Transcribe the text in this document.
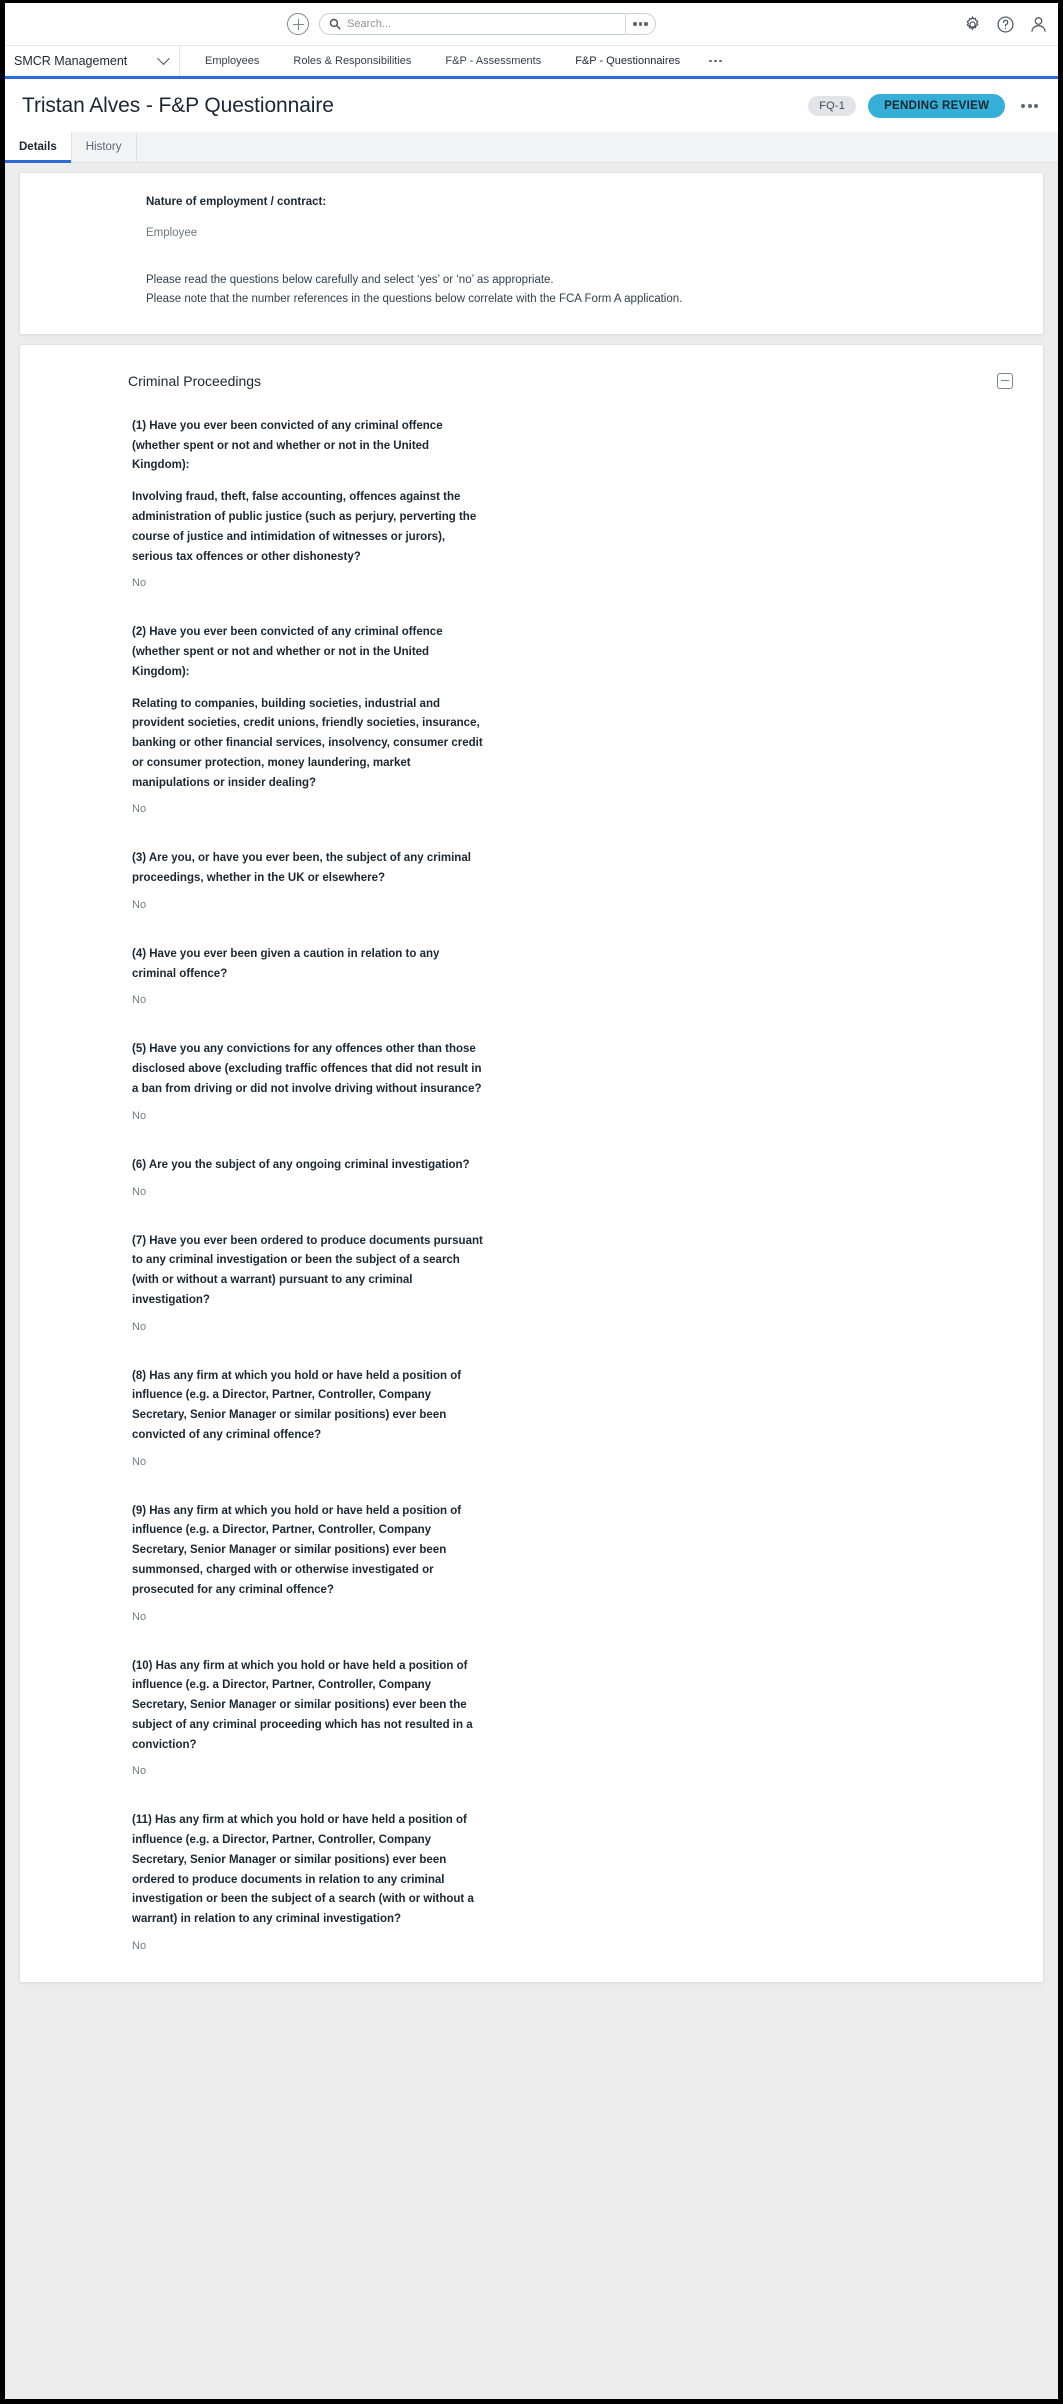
Search...
SMCR Management	Employees	Roles & Responsibilities	F&P - Assessments	F&P - Questionnaires
Tristan Alves - F&P Questionnaire	FQ-1	PENDING REVIEW
Details	History
Nature of employment / contract:
Employee
Please read the questions below carefully and select ‘yes’ or ‘no’ as appropriate.
Please note that the number references in the questions below correlate with the FCA Form A application.
Criminal Proceedings
(1) Have you ever been convicted of any criminal offence (whether spent or not and whether or not in the United Kingdom):
Involving fraud, theft, false accounting, offences against the administration of public justice (such as perjury, perverting the course of justice and intimidation of witnesses or jurors), serious tax offences or other dishonesty?
No
(2) Have you ever been convicted of any criminal offence (whether spent or not and whether or not in the United Kingdom):
Relating to companies, building societies, industrial and provident societies, credit unions, friendly societies, insurance, banking or other financial services, insolvency, consumer credit or consumer protection, money laundering, market manipulations or insider dealing?
No
(3) Are you, or have you ever been, the subject of any criminal proceedings, whether in the UK or elsewhere?
No
(4) Have you ever been given a caution in relation to any criminal offence?
No
(5) Have you any convictions for any offences other than those disclosed above (excluding traffic offences that did not result in a ban from driving or did not involve driving without insurance?
No
(6) Are you the subject of any ongoing criminal investigation?
No
(7) Have you ever been ordered to produce documents pursuant to any criminal investigation or been the subject of a search (with or without a warrant) pursuant to any criminal investigation?
No
(8) Has any firm at which you hold or have held a position of influence (e.g. a Director, Partner, Controller, Company Secretary, Senior Manager or similar positions) ever been convicted of any criminal offence?
No
(9) Has any firm at which you hold or have held a position of influence (e.g. a Director, Partner, Controller, Company Secretary, Senior Manager or similar positions) ever been summonsed, charged with or otherwise investigated or prosecuted for any criminal offence?
No
(10) Has any firm at which you hold or have held a position of influence (e.g. a Director, Partner, Controller, Company Secretary, Senior Manager or similar positions) ever been the subject of any criminal proceeding which has not resulted in a conviction?
No
(11) Has any firm at which you hold or have held a position of influence (e.g. a Director, Partner, Controller, Company Secretary, Senior Manager or similar positions) ever been ordered to produce documents in relation to any criminal investigation or been the subject of a search (with or without a warrant) in relation to any criminal investigation?
No
